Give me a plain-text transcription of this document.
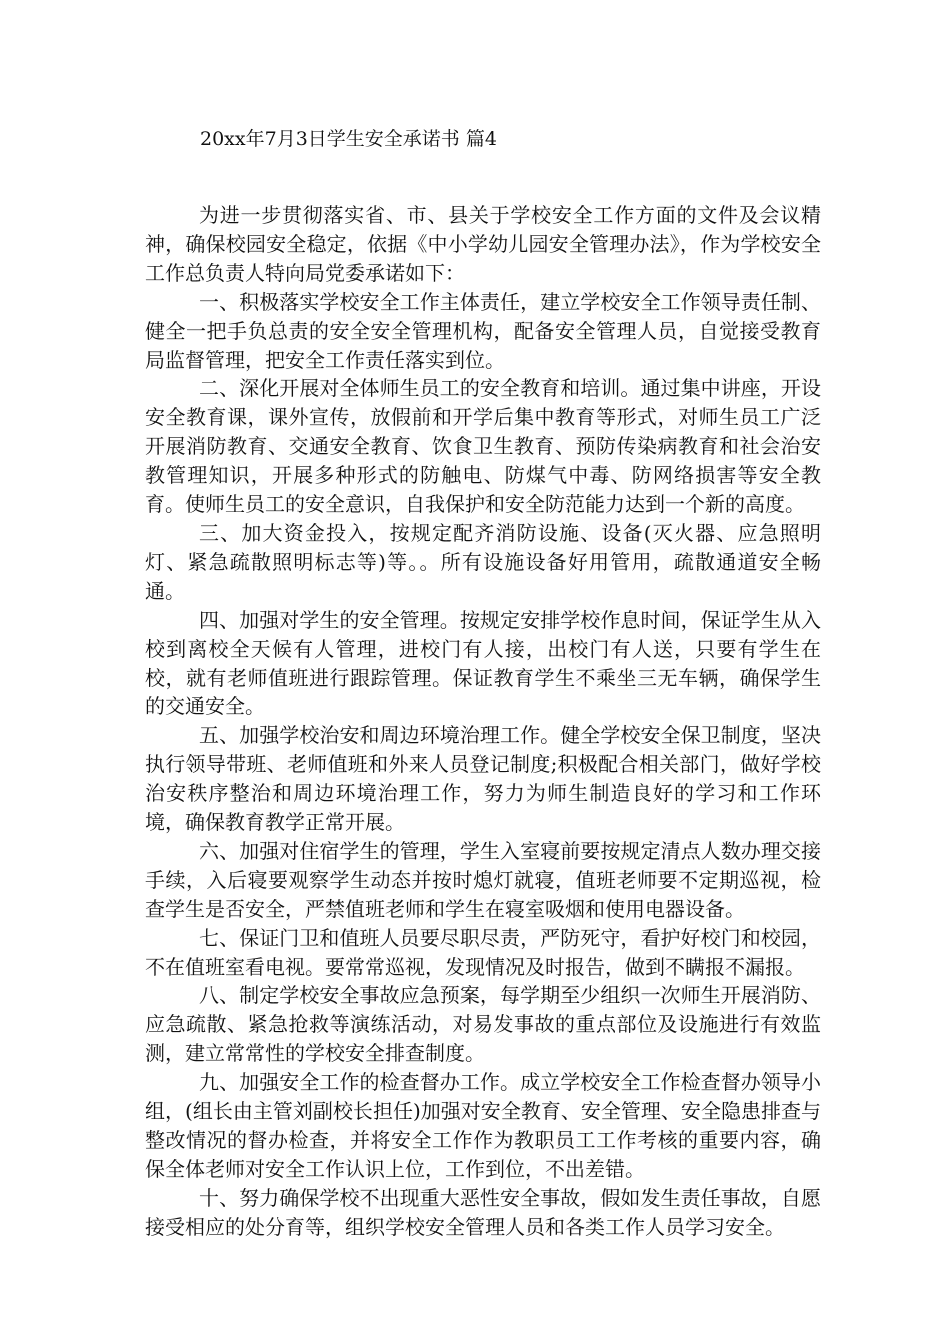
20xx年7月3日学生安全承诺书 篇4

为进一步贯彻落实省、市、县关于学校安全工作方面的文件及会议精神，确保校园安全稳定，依据《中小学幼儿园安全管理办法》，作为学校安全工作总负责人特向局党委承诺如下：

一、积极落实学校安全工作主体责任，建立学校安全工作领导责任制、健全一把手负总责的安全安全管理机构，配备安全管理人员，自觉接受教育局监督管理，把安全工作责任落实到位。

二、深化开展对全体师生员工的安全教育和培训。通过集中讲座，开设安全教育课，课外宣传，放假前和开学后集中教育等形式，对师生员工广泛开展消防教育、交通安全教育、饮食卫生教育、预防传染病教育和社会治安教管理知识，开展多种形式的防触电、防煤气中毒、防网络损害等安全教育。使师生员工的安全意识，自我保护和安全防范能力达到一个新的高度。

三、加大资金投入，按规定配齐消防设施、设备(灭火器、应急照明灯、紧急疏散照明标志等)等。。所有设施设备好用管用，疏散通道安全畅通。

四、加强对学生的安全管理。按规定安排学校作息时间，保证学生从入校到离校全天候有人管理，进校门有人接，出校门有人送，只要有学生在校，就有老师值班进行跟踪管理。保证教育学生不乘坐三无车辆，确保学生的交通安全。

五、加强学校治安和周边环境治理工作。健全学校安全保卫制度，坚决执行领导带班、老师值班和外来人员登记制度;积极配合相关部门，做好学校治安秩序整治和周边环境治理工作，努力为师生制造良好的学习和工作环境，确保教育教学正常开展。

六、加强对住宿学生的管理，学生入室寝前要按规定清点人数办理交接手续，入后寝要观察学生动态并按时熄灯就寝，值班老师要不定期巡视，检查学生是否安全，严禁值班老师和学生在寝室吸烟和使用电器设备。

七、保证门卫和值班人员要尽职尽责，严防死守，看护好校门和校园，不在值班室看电视。要常常巡视，发现情况及时报告，做到不瞒报不漏报。

八、制定学校安全事故应急预案，每学期至少组织一次师生开展消防、应急疏散、紧急抢救等演练活动，对易发事故的重点部位及设施进行有效监测，建立常常性的学校安全排查制度。

九、加强安全工作的检查督办工作。成立学校安全工作检查督办领导小组，(组长由主管刘副校长担任)加强对安全教育、安全管理、安全隐患排查与整改情况的督办检查，并将安全工作作为教职员工工作考核的重要内容，确保全体老师对安全工作认识上位，工作到位，不出差错。

十、努力确保学校不出现重大恶性安全事故，假如发生责任事故，自愿接受相应的处分育等，组织学校安全管理人员和各类工作人员学习安全。
